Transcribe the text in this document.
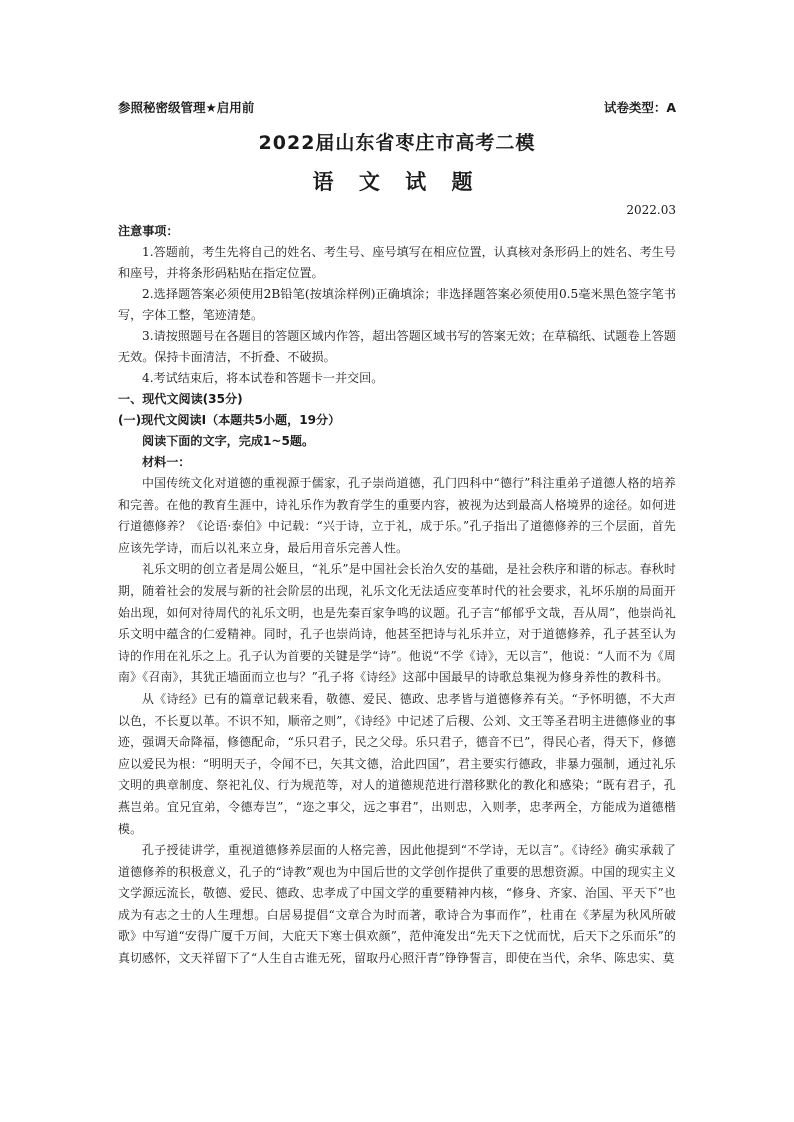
参照秘密级管理★启用前	试卷类型：A
2022届山东省枣庄市高考二模
语 文 试 题
2022.03

注意事项：

1.答题前，考生先将自己的姓名、考生号、座号填写在相应位置，认真核对条形码上的姓名、考生号和座号，并将条形码粘贴在指定位置。

2.选择题答案必须使用2B铅笔(按填涂样例)正确填涂；非选择题答案必须使用0.5毫米黑色签字笔书写，字体工整，笔迹清楚。

3.请按照题号在各题目的答题区域内作答，超出答题区域书写的答案无效；在草稿纸、试题卷上答题无效。保持卡面清洁，不折叠、不破损。

4.考试结束后，将本试卷和答题卡一并交回。

一、现代文阅读(35分)

(一)现代文阅读Ⅰ（本题共5小题，19分）

阅读下面的文字，完成1~5题。

材料一：

中国传统文化对道德的重视源于儒家，孔子崇尚道德，孔门四科中“德行”科注重弟子道德人格的培养和完善。在他的教育生涯中，诗礼乐作为教育学生的重要内容，被视为达到最高人格境界的途径。如何进行道德修养？《论语·泰伯》中记载：“兴于诗，立于礼，成于乐。”孔子指出了道德修养的三个层面，首先应该先学诗，而后以礼来立身，最后用音乐完善人性。

礼乐文明的创立者是周公姬旦，“礼乐”是中国社会长治久安的基础，是社会秩序和谐的标志。春秋时期，随着社会的发展与新的社会阶层的出现，礼乐文化无法适应变革时代的社会要求，礼坏乐崩的局面开始出现，如何对待周代的礼乐文明，也是先秦百家争鸣的议题。孔子言“郁郁乎文哉，吾从周”，他崇尚礼乐文明中蕴含的仁爱精神。同时，孔子也崇尚诗，他甚至把诗与礼乐并立，对于道德修养，孔子甚至认为诗的作用在礼乐之上。孔子认为首要的关键是学“诗”。他说“不学《诗》，无以言”，他说：“人而不为《周南》《召南》，其犹正墙面而立也与？”孔子将《诗经》这部中国最早的诗歌总集视为修身养性的教科书。

从《诗经》已有的篇章记载来看，敬德、爱民、德政、忠孝皆与道德修养有关。“予怀明德，不大声以色，不长夏以革。不识不知，顺帝之则”，《诗经》中记述了后稷、公刘、文王等圣君明主进德修业的事迹，强调天命降福，修德配命，“乐只君子，民之父母。乐只君子，德音不已”，得民心者，得天下，修德应以爱民为根：“明明天子，令闻不已，矢其文德，洽此四国”，君主要实行德政，非暴力强制，通过礼乐文明的典章制度、祭祀礼仪、行为规范等，对人的道德规范进行潜移默化的教化和感染；“既有君子，孔燕岂弟。宜兄宜弟，令德寿岂”，“迩之事父，远之事君”，出则忠，入则孝，忠孝两全，方能成为道德楷模。

孔子授徒讲学，重视道德修养层面的人格完善，因此他提到“不学诗，无以言”。《诗经》确实承载了道德修养的积极意义，孔子的“诗教”观也为中国后世的文学创作提供了重要的思想资源。中国的现实主义文学源远流长，敬德、爱民、德政、忠孝成了中国文学的重要精神内核，“修身、齐家、治国、平天下”也成为有志之士的人生理想。白居易提倡“文章合为时而著，歌诗合为事而作”，杜甫在《茅屋为秋风所破歌》中写道“安得广厦千万间，大庇天下寒士俱欢颜”，范仲淹发出“先天下之忧而忧，后天下之乐而乐”的真切感怀，文天祥留下了“人生自古谁无死，留取丹心照汗青”铮铮誓言，即使在当代，余华、陈忠实、莫
